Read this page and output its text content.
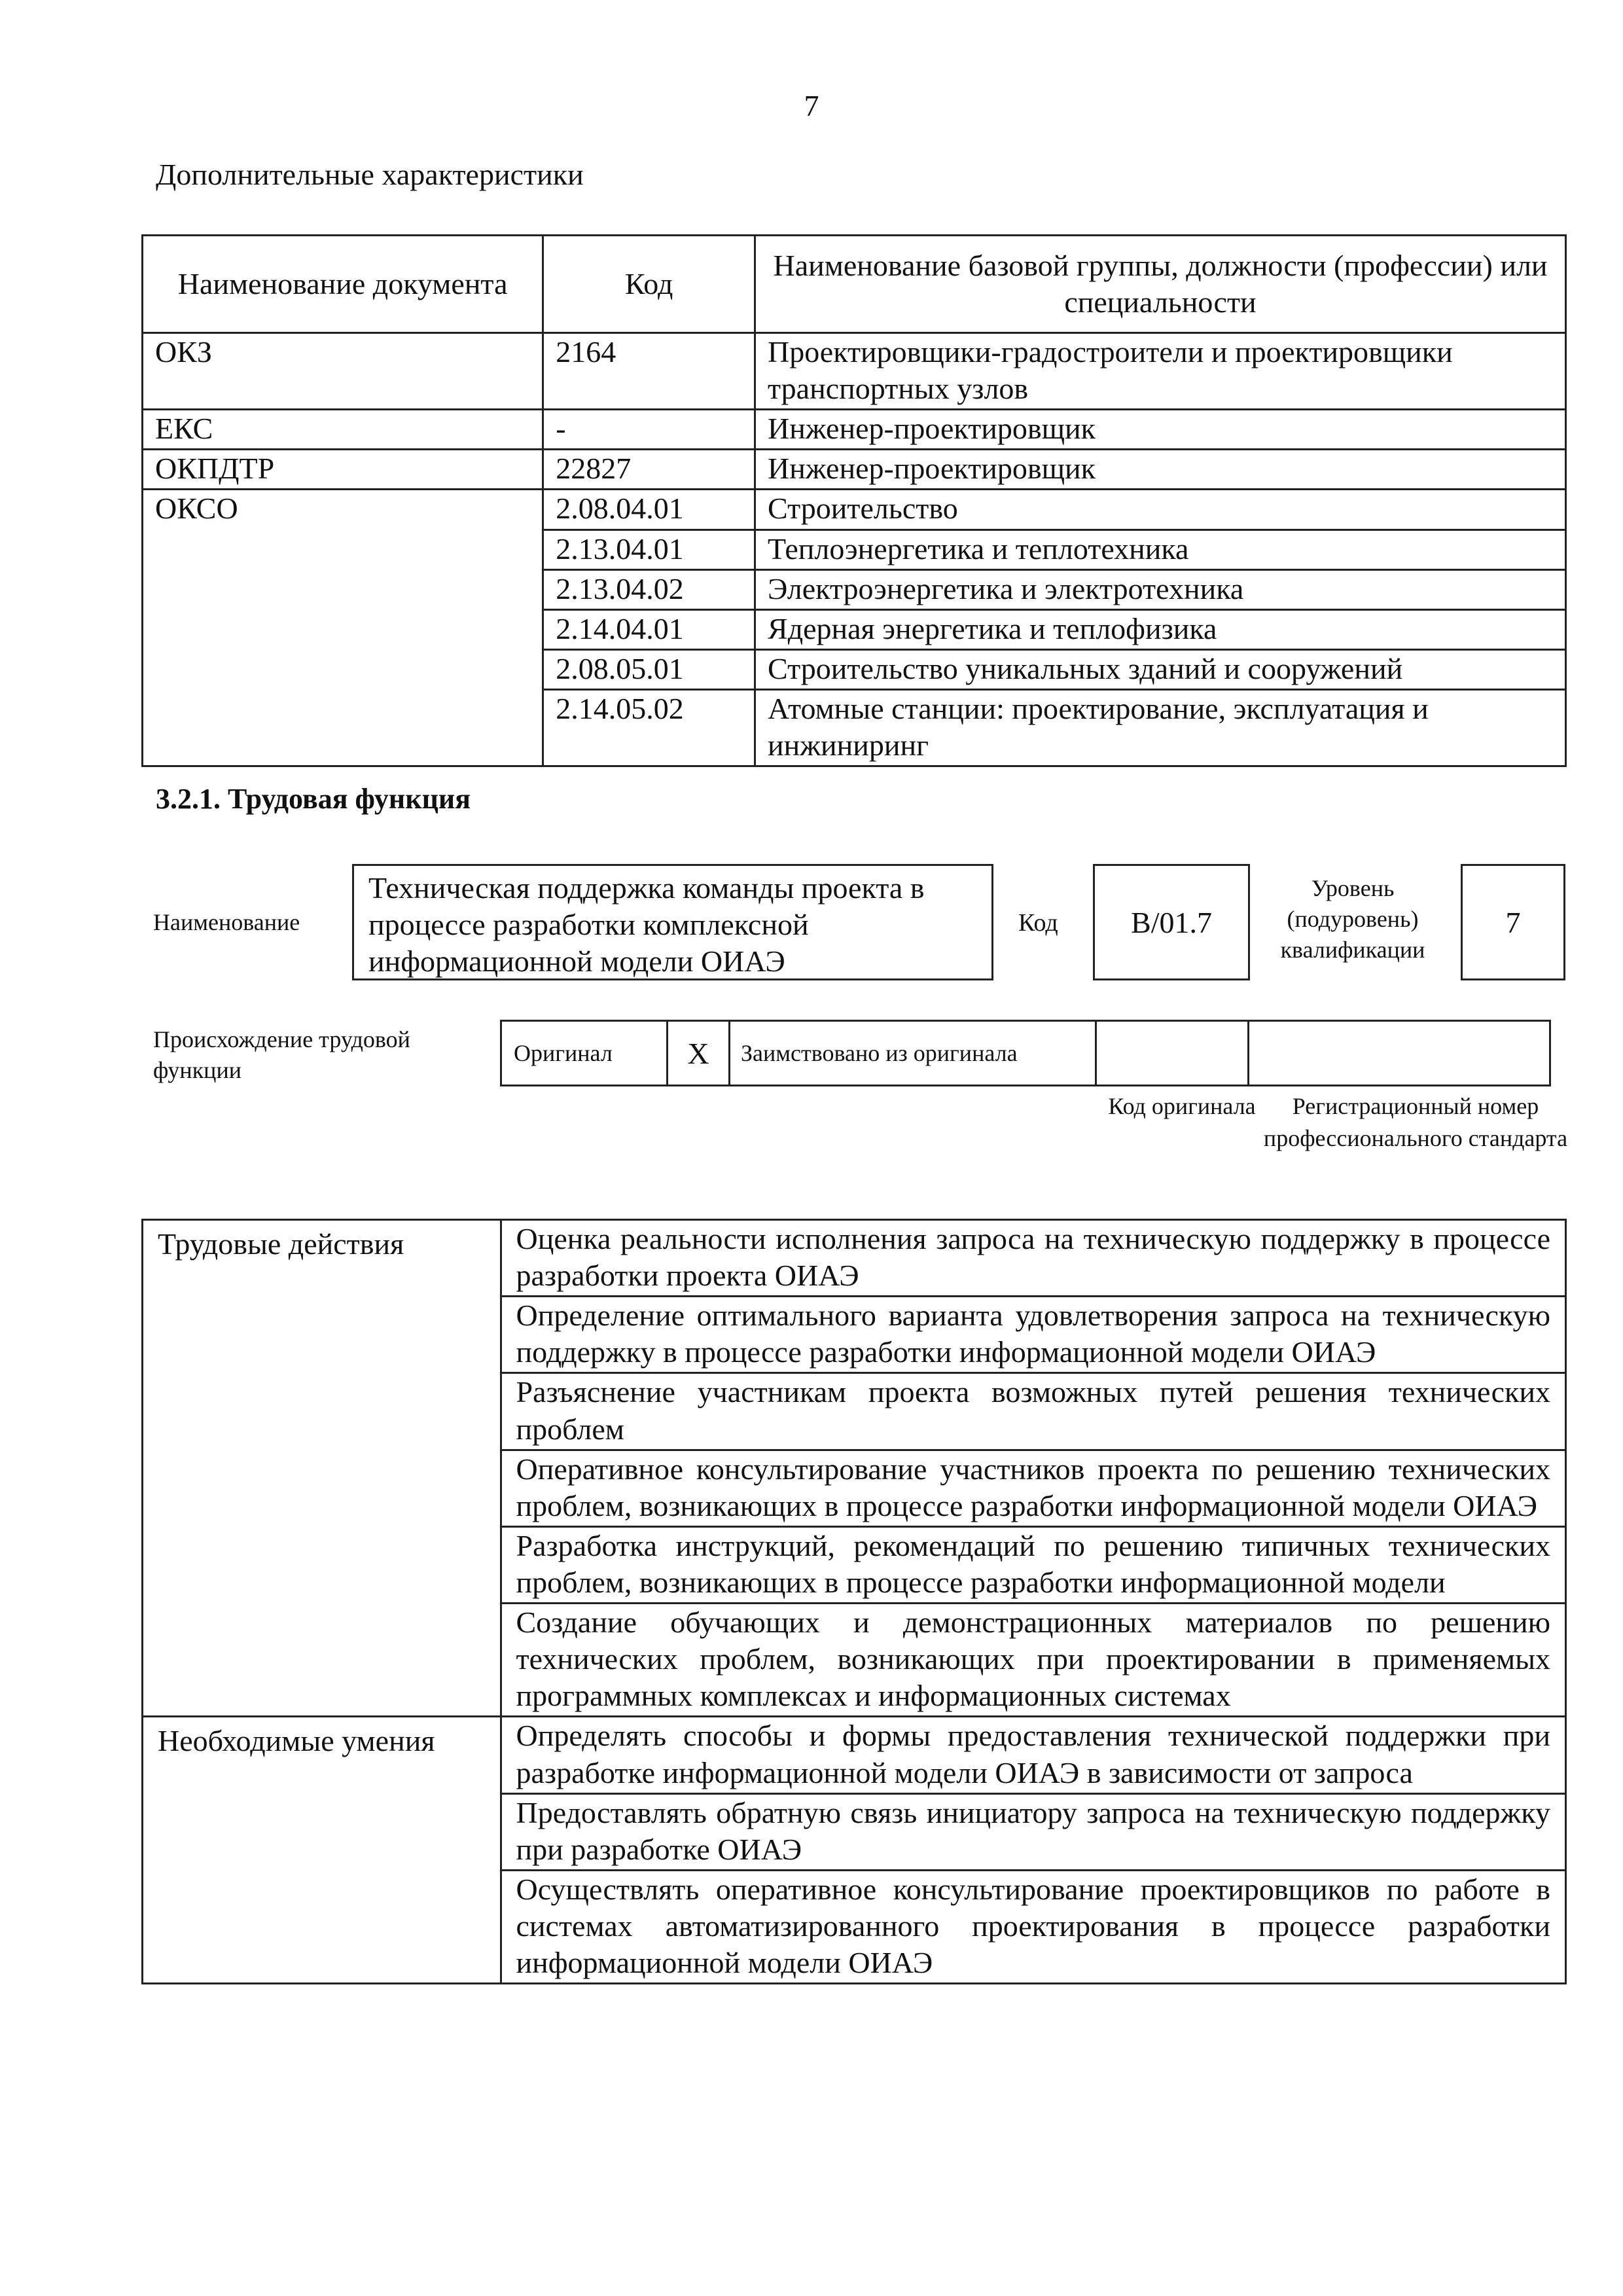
7
Дополнительные характеристики
Наименование документа	Код	Наименование базовой группы, должности (профессии) или специальности
ОКЗ	2164	Проектировщики-градостроители и проектировщики транспортных узлов
ЕКС	-	Инженер-проектировщик
ОКПДТР	22827	Инженер-проектировщик
ОКСО	2.08.04.01	Строительство
	2.13.04.01	Теплоэнергетика и теплотехника
	2.13.04.02	Электроэнергетика и электротехника
	2.14.04.01	Ядерная энергетика и теплофизика
	2.08.05.01	Строительство уникальных зданий и сооружений
	2.14.05.02	Атомные станции: проектирование, эксплуатация и инжиниринг
3.2.1. Трудовая функция
Наименование
Техническая поддержка команды проекта в процессе разработки комплексной информационной модели ОИАЭ
Код	В/01.7
Уровень (подуровень) квалификации
7
Происхождение трудовой функции
Оригинал	X	Заимствовано из оригинала		
Код оригинала	Регистрационный номер профессионального стандарта
Трудовые действия	Оценка реальности исполнения запроса на техническую поддержку в процессе разработки проекта ОИАЭ
	Определение оптимального варианта удовлетворения запроса на техническую поддержку в процессе разработки информационной модели ОИАЭ
	Разъяснение участникам проекта возможных путей решения технических проблем
	Оперативное консультирование участников проекта по решению технических проблем, возникающих в процессе разработки информационной модели ОИАЭ
	Разработка инструкций, рекомендаций по решению типичных технических проблем, возникающих в процессе разработки информационной модели
	Создание обучающих и демонстрационных материалов по решению технических проблем, возникающих при проектировании в применяемых программных комплексах и информационных системах
Необходимые умения	Определять способы и формы предоставления технической поддержки при разработке информационной модели ОИАЭ в зависимости от запроса
	Предоставлять обратную связь инициатору запроса на техническую поддержку при разработке ОИАЭ
	Осуществлять оперативное консультирование проектировщиков по работе в системах автоматизированного проектирования в процессе разработки информационной модели ОИАЭ
